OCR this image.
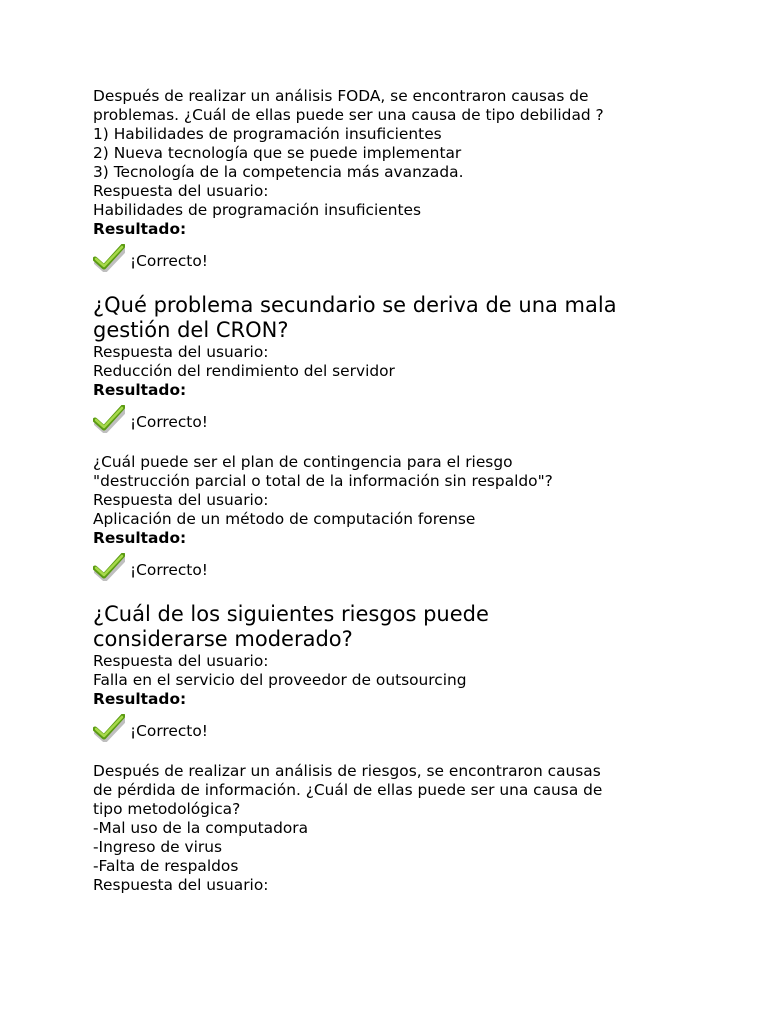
Después de realizar un análisis FODA, se encontraron causas de
problemas. ¿Cuál de ellas puede ser una causa de tipo debilidad ?
1) Habilidades de programación insuficientes
2) Nueva tecnología que se puede implementar
3) Tecnología de la competencia más avanzada.
Respuesta del usuario:
Habilidades de programación insuficientes
Resultado:
¡Correcto!
¿Qué problema secundario se deriva de una mala
gestión del CRON?
Respuesta del usuario:
Reducción del rendimiento del servidor
Resultado:
¡Correcto!
¿Cuál puede ser el plan de contingencia para el riesgo
"destrucción parcial o total de la información sin respaldo"?
Respuesta del usuario:
Aplicación de un método de computación forense
Resultado:
¡Correcto!
¿Cuál de los siguientes riesgos puede
considerarse moderado?
Respuesta del usuario:
Falla en el servicio del proveedor de outsourcing
Resultado:
¡Correcto!
Después de realizar un análisis de riesgos, se encontraron causas
de pérdida de información. ¿Cuál de ellas puede ser una causa de
tipo metodológica?
-Mal uso de la computadora
-Ingreso de virus
-Falta de respaldos
Respuesta del usuario:
